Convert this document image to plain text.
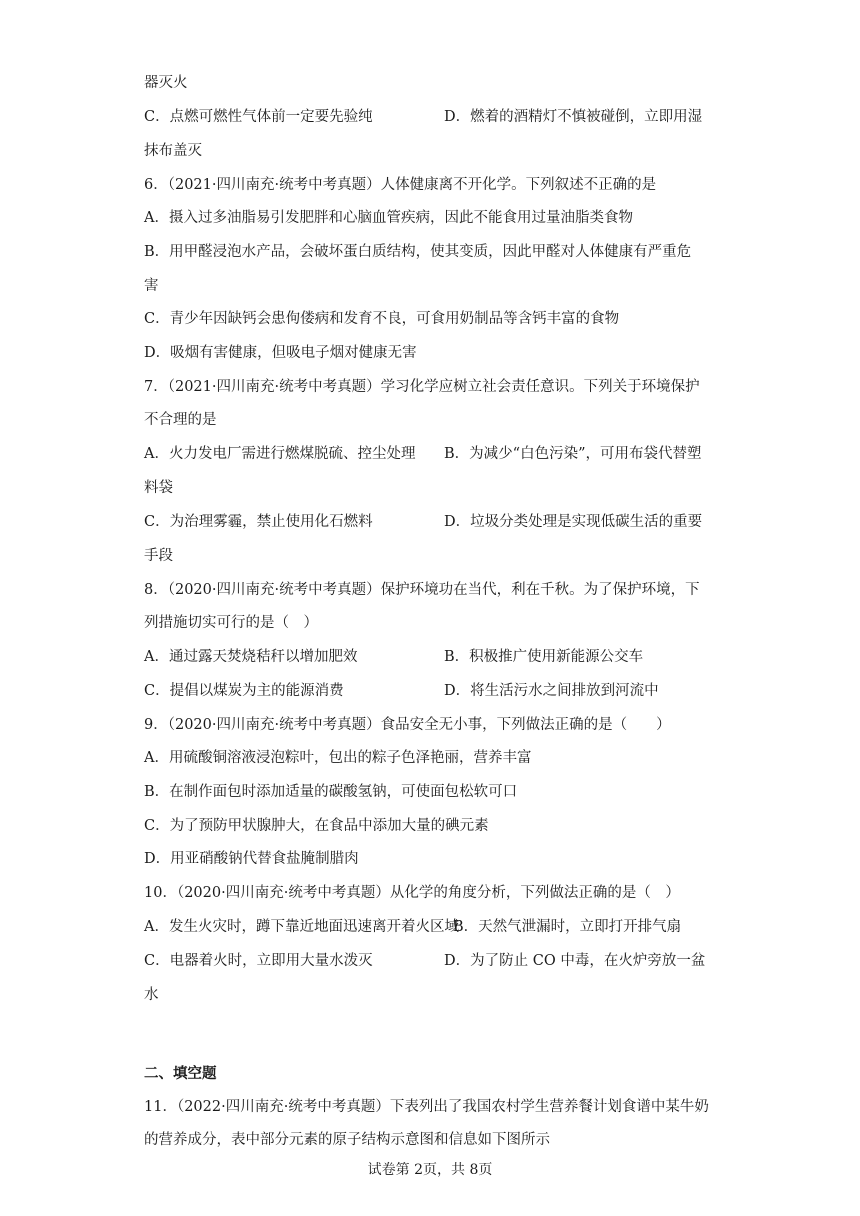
器灭火
C．点燃可燃性气体前一定要先验纯	D．燃着的酒精灯不慎被碰倒，立即用湿
抹布盖灭
6．（2021·四川南充·统考中考真题）人体健康离不开化学。下列叙述不正确的是
A．摄入过多油脂易引发肥胖和心脑血管疾病，因此不能食用过量油脂类食物
B．用甲醛浸泡水产品，会破坏蛋白质结构，使其变质，因此甲醛对人体健康有严重危
害
C．青少年因缺钙会患佝偻病和发育不良，可食用奶制品等含钙丰富的食物
D．吸烟有害健康，但吸电子烟对健康无害
7．（2021·四川南充·统考中考真题）学习化学应树立社会责任意识。下列关于环境保护
不合理的是
A．火力发电厂需进行燃煤脱硫、控尘处理 B．为减少“白色污染”，可用布袋代替塑
料袋
C．为治理雾霾，禁止使用化石燃料	D．垃圾分类处理是实现低碳生活的重要
手段
8．（2020·四川南充·统考中考真题）保护环境功在当代，利在千秋。为了保护环境，下
列措施切实可行的是（　）
A．通过露天焚烧秸秆以增加肥效	B．积极推广使用新能源公交车
C．提倡以煤炭为主的能源消费	D．将生活污水之间排放到河流中
9．（2020·四川南充·统考中考真题）食品安全无小事，下列做法正确的是（　　）
A．用硫酸铜溶液浸泡粽叶，包出的粽子色泽艳丽，营养丰富
B．在制作面包时添加适量的碳酸氢钠，可使面包松软可口
C．为了预防甲状腺肿大，在食品中添加大量的碘元素
D．用亚硝酸钠代替食盐腌制腊肉
10．（2020·四川南充·统考中考真题）从化学的角度分析，下列做法正确的是（　）
A．发生火灾时，蹲下靠近地面迅速离开着火区域
B．天然气泄漏时，立即打开排气扇
C．电器着火时，立即用大量水泼灭	D．为了防止 CO 中毒，在火炉旁放一盆
水
二、填空题
11．（2022·四川南充·统考中考真题）下表列出了我国农村学生营养餐计划食谱中某牛奶
的营养成分，表中部分元素的原子结构示意图和信息如下图所示
试卷第 2页，共 8页
